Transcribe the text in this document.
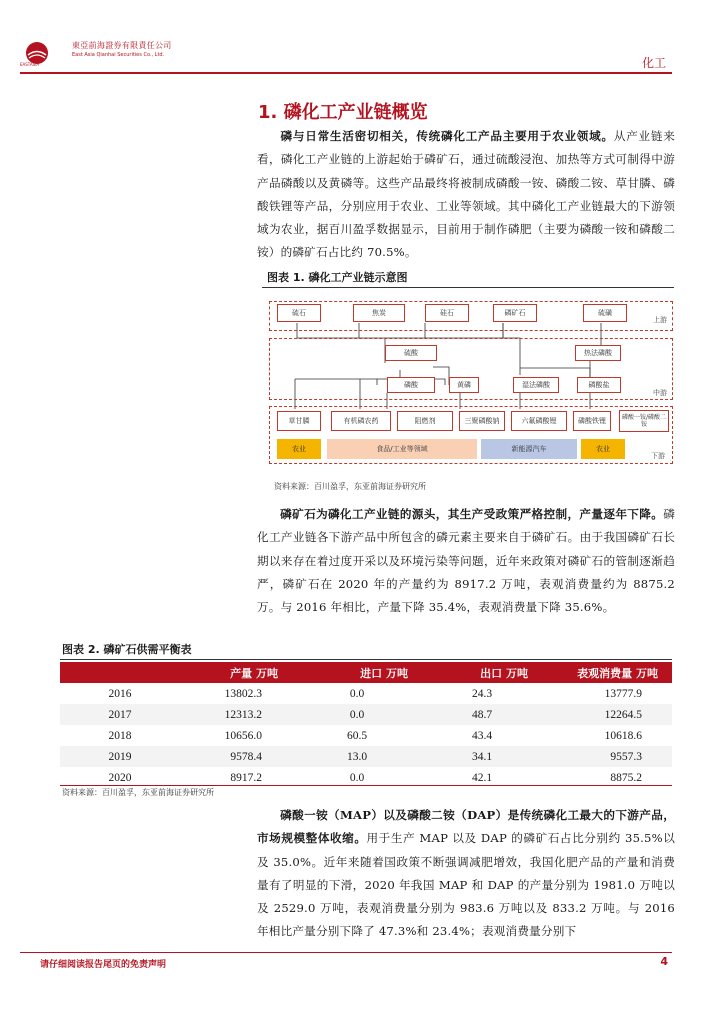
東亞前海證券有限責任公司
East Asia Qianhai Securities Co., Ltd.
EASTASIA	化工
1. 磷化工产业链概览
磷与日常生活密切相关，传统磷化工产品主要用于农业领域。从产业链来看，磷化工产业链的上游起始于磷矿石，通过硫酸浸泡、加热等方式可制得中游产品磷酸以及黄磷等。这些产品最终将被制成磷酸一铵、磷酸二铵、草甘膦、磷酸铁锂等产品，分别应用于农业、工业等领域。其中磷化工产业链最大的下游领域为农业，据百川盈孚数据显示，目前用于制作磷肥（主要为磷酸一铵和磷酸二铵）的磷矿石占比约 70.5%。
图表 1. 磷化工产业链示意图
上游
中游
下游
硫石	焦炭	硅石	磷矿石	硫磺
硫酸
磷酸	黄磷
热法磷酸
湿法磷酸	磷酸盐
草甘膦	有机磷农药	阻燃剂	三聚磷酸钠	六氟磷酸锂	磷酸铁锂	磷酸一铵/磷酸二铵
农业	食品/工业等领域	新能源汽车	农业
资料来源：百川盈孚，东亚前海证券研究所
磷矿石为磷化工产业链的源头，其生产受政策严格控制，产量逐年下降。磷化工产业链各下游产品中所包含的磷元素主要来自于磷矿石。由于我国磷矿石长期以来存在着过度开采以及环境污染等问题，近年来政策对磷矿石的管制逐渐趋严，磷矿石在 2020 年的产量约为 8917.2 万吨，表观消费量约为 8875.2 万。与 2016 年相比，产量下降 35.4%，表观消费量下降 35.6%。
图表 2. 磷矿石供需平衡表
	产量 万吨	进口 万吨	出口 万吨	表观消费量 万吨
2016	13802.3	0.0	24.3	13777.9
2017	12313.2	0.0	48.7	12264.5
2018	10656.0	60.5	43.4	10618.6
2019	9578.4	13.0	34.1	9557.3
2020	8917.2	0.0	42.1	8875.2
资料来源：百川盈孚，东亚前海证券研究所
磷酸一铵（MAP）以及磷酸二铵（DAP）是传统磷化工最大的下游产品，市场规模整体收缩。用于生产 MAP 以及 DAP 的磷矿石占比分别约 35.5%以及 35.0%。近年来随着国政策不断强调减肥增效，我国化肥产品的产量和消费量有了明显的下滑，2020 年我国 MAP 和 DAP 的产量分别为 1981.0 万吨以及 2529.0 万吨，表观消费量分别为 983.6 万吨以及 833.2 万吨。与 2016 年相比产量分别下降了 47.3%和 23.4%；表观消费量分别下
请仔细阅读报告尾页的免责声明	4
